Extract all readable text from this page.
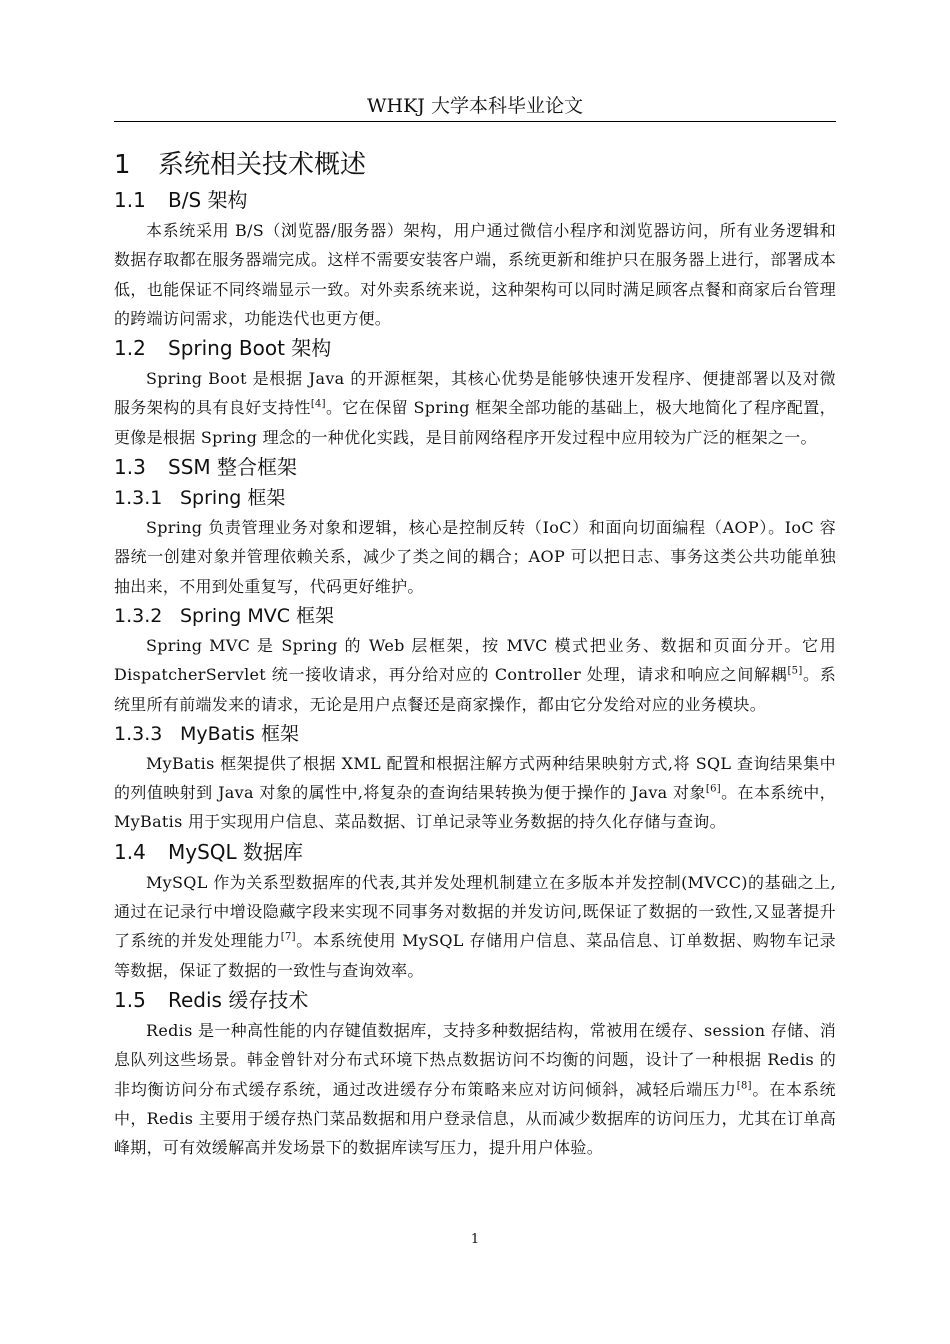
WHKJ 大学本科毕业论文
1 系统相关技术概述
1.1 B/S 架构

本系统采用 B/S（浏览器/服务器）架构，用户通过微信小程序和浏览器访问，所有业务逻辑和数据存取都在服务器端完成。这样不需要安装客户端，系统更新和维护只在服务器上进行，部署成本低，也能保证不同终端显示一致。对外卖系统来说，这种架构可以同时满足顾客点餐和商家后台管理的跨端访问需求，功能迭代也更方便。

1.2 Spring Boot 架构

Spring Boot 是根据 Java 的开源框架，其核心优势是能够快速开发程序、便捷部署以及对微服务架构的具有良好支持性[4]。它在保留 Spring 框架全部功能的基础上，极大地简化了程序配置，更像是根据 Spring 理念的一种优化实践，是目前网络程序开发过程中应用较为广泛的框架之一。

1.3 SSM 整合框架
1.3.1 Spring 框架

Spring 负责管理业务对象和逻辑，核心是控制反转（IoC）和面向切面编程（AOP）。IoC 容器统一创建对象并管理依赖关系，减少了类之间的耦合；AOP 可以把日志、事务这类公共功能单独抽出来，不用到处重复写，代码更好维护。

1.3.2 Spring MVC 框架

Spring MVC 是 Spring 的 Web 层框架，按 MVC 模式把业务、数据和页面分开。它用 DispatcherServlet 统一接收请求，再分给对应的 Controller 处理，请求和响应之间解耦[5]。系统里所有前端发来的请求，无论是用户点餐还是商家操作，都由它分发给对应的业务模块。

1.3.3 MyBatis 框架

MyBatis 框架提供了根据 XML 配置和根据注解方式两种结果映射方式,将 SQL 查询结果集中的列值映射到 Java 对象的属性中,将复杂的查询结果转换为便于操作的 Java 对象[6]。在本系统中，MyBatis 用于实现用户信息、菜品数据、订单记录等业务数据的持久化存储与查询。

1.4 MySQL 数据库

MySQL 作为关系型数据库的代表,其并发处理机制建立在多版本并发控制(MVCC)的基础之上, 通过在记录行中增设隐藏字段来实现不同事务对数据的并发访问,既保证了数据的一致性,又显著提升了系统的并发处理能力[7]。本系统使用 MySQL 存储用户信息、菜品信息、订单数据、购物车记录等数据，保证了数据的一致性与查询效率。

1.5 Redis 缓存技术

Redis 是一种高性能的内存键值数据库，支持多种数据结构，常被用在缓存、session 存储、消息队列这些场景。韩金曾针对分布式环境下热点数据访问不均衡的问题，设计了一种根据 Redis 的非均衡访问分布式缓存系统，通过改进缓存分布策略来应对访问倾斜，减轻后端压力[8]。在本系统中，Redis 主要用于缓存热门菜品数据和用户登录信息，从而减少数据库的访问压力，尤其在订单高峰期，可有效缓解高并发场景下的数据库读写压力，提升用户体验。

1
